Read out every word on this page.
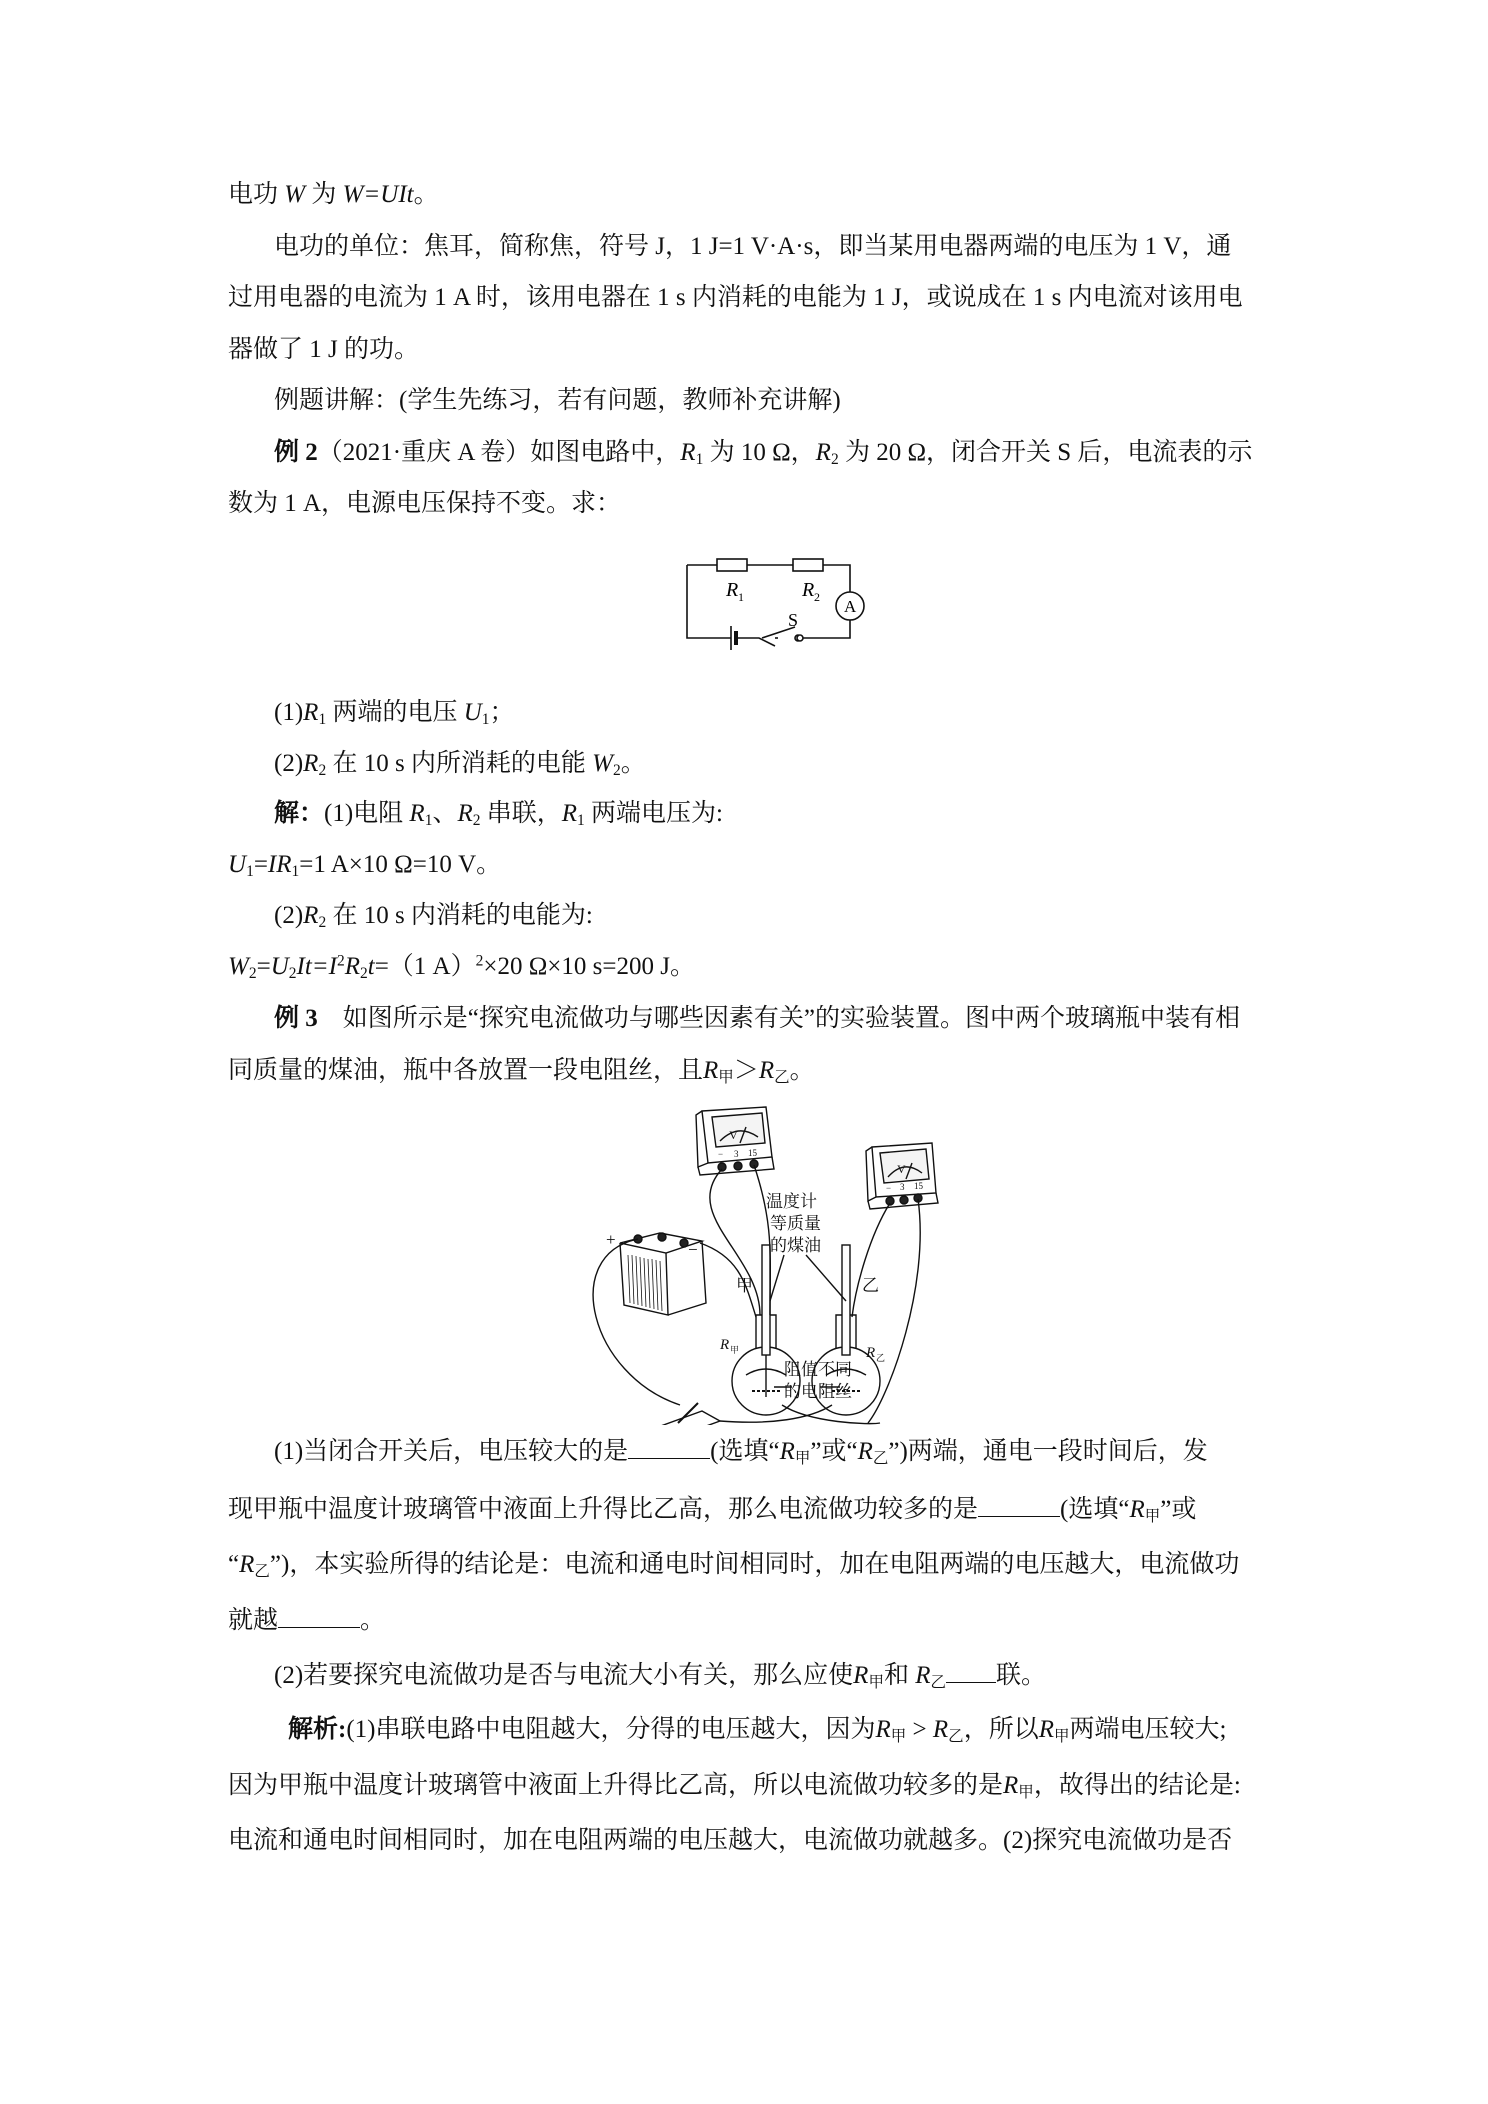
电功 W 为 W=UIt。
电功的单位：焦耳，简称焦，符号 J，1 J=1 V·A·s，即当某用电器两端的电压为 1 V，通
过用电器的电流为 1 A 时，该用电器在 1 s 内消耗的电能为 1 J，或说成在 1 s 内电流对该用电
器做了 1 J 的功。
例题讲解：(学生先练习，若有问题，教师补充讲解)
例 2（2021·重庆 A 卷）如图电路中，$R_1$ 为 10 Ω，$R_2$ 为 20 Ω，闭合开关 S 后，电流表的示
数为 1 A，电源电压保持不变。求：
R 1	R 2 A
S
$(1)R_1$ 两端的电压 $U_1$；
$(2)R_2$ 在 10 s 内所消耗的电能 $W_2$。
解：(1)电阻 $R_1$、$R_2$ 串联，$R_1$ 两端电压为:
$U_1=IR_1=1$ A×10 Ω=10 V。
$(2)R_2$ 在 10 s 内消耗的电能为:
$W_2=U_2It=I^2R_2t=(1$ A）$^2$×20 Ω×10 s=200 J。
例 3　如图所示是“探究电流做功与哪些因素有关”的实验装置。图中两个玻璃瓶中装有相
同质量的煤油，瓶中各放置一段电阻丝，且$R_甲>R_乙$。
V
V
− 3 15
− 3 15
温度计
等质量
的煤油
甲	乙
阻值不同
的电阻丝
+
−
R 甲	R 乙
(1)当闭合开关后，电压较大的是	(选填“$R_甲$”或“$R_乙$”)两端，通电一段时间后，发
现甲瓶中温度计玻璃管中液面上升得比乙高，那么电流做功较多的是	(选填“$R_甲$”或
“$R_乙$”)，本实验所得的结论是：电流和通电时间相同时，加在电阻两端的电压越大，电流做功
就越	。
(2)若要探究电流做功是否与电流大小有关，那么应使$R_甲$和 $R_乙$ 联。
解析:(1)串联电路中电阻越大，分得的电压越大，因为$R_甲 > R_乙$，所以$R_甲$两端电压较大;
因为甲瓶中温度计玻璃管中液面上升得比乙高，所以电流做功较多的是$R_甲$，故得出的结论是:
电流和通电时间相同时，加在电阻两端的电压越大，电流做功就越多。(2)探究电流做功是否
